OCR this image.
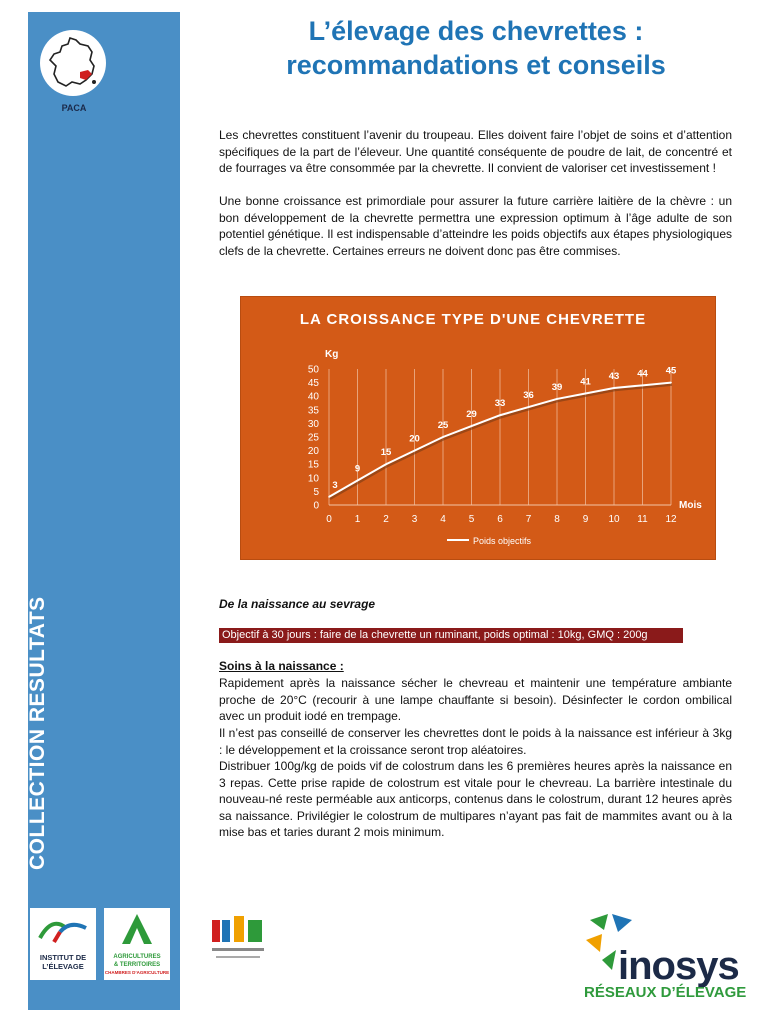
PACA
COLLECTION RÉSULTATS
INSTITUT DE
L’ÉLEVAGE
AGRICULTURES
& TERRITOIRES
CHAMBRES D’AGRICULTURE
L’élevage des chevrettes :
recommandations et conseils

Les chevrettes constituent l’avenir du troupeau. Elles doivent faire l’objet de soins et d’attention spécifiques de la part de l’éleveur. Une quantité conséquente de poudre de lait, de concentré et de fourrages va être consommée par la chevrette. Il convient de valoriser cet investissement !

Une bonne croissance est primordiale pour assurer la future carrière laitière de la chèvre : un bon développement de la chevrette permettra une expression optimum à l’âge adulte de son potentiel génétique. Il est indispensable d’atteindre les poids objectifs aux étapes physiologiques clefs de la chevrette. Certaines erreurs ne doivent donc pas être commises.

LA CROISSANCE TYPE D'UNE CHEVRETTE
Kg
Mois
0
5
10
15
20
25
30
35
40
45
50
0 1 2 3 4 5 6 7 8 9 10 11 12
3
9
15
20
25
29
33
36
39 41 43 44 45
Poids objectifs
De la naissance au sevrage
Objectif à 30 jours : faire de la chevrette un ruminant, poids optimal : 10kg, GMQ : 200g
Soins à la naissance :

Rapidement après la naissance sécher le chevreau et maintenir une température ambiante proche de 20°C (recourir à une lampe chauffante si besoin). Désinfecter le cordon ombilical avec un produit iodé en trempage.

Il n’est pas conseillé de conserver les chevrettes dont le poids à la naissance est inférieur à 3kg : le développement et la croissance seront trop aléatoires.

Distribuer 100g/kg de poids vif de colostrum dans les 6 premières heures après la naissance en 3 repas. Cette prise rapide de colostrum est vitale pour le chevreau. La barrière intestinale du nouveau-né reste perméable aux anticorps, contenus dans le colostrum, durant 12 heures après sa naissance. Privilégier le colostrum de multipares n’ayant pas fait de mammites avant ou à la mise bas et taries durant 2 mois minimum.

inosys
RÉSEAUX D’ÉLEVAGE
